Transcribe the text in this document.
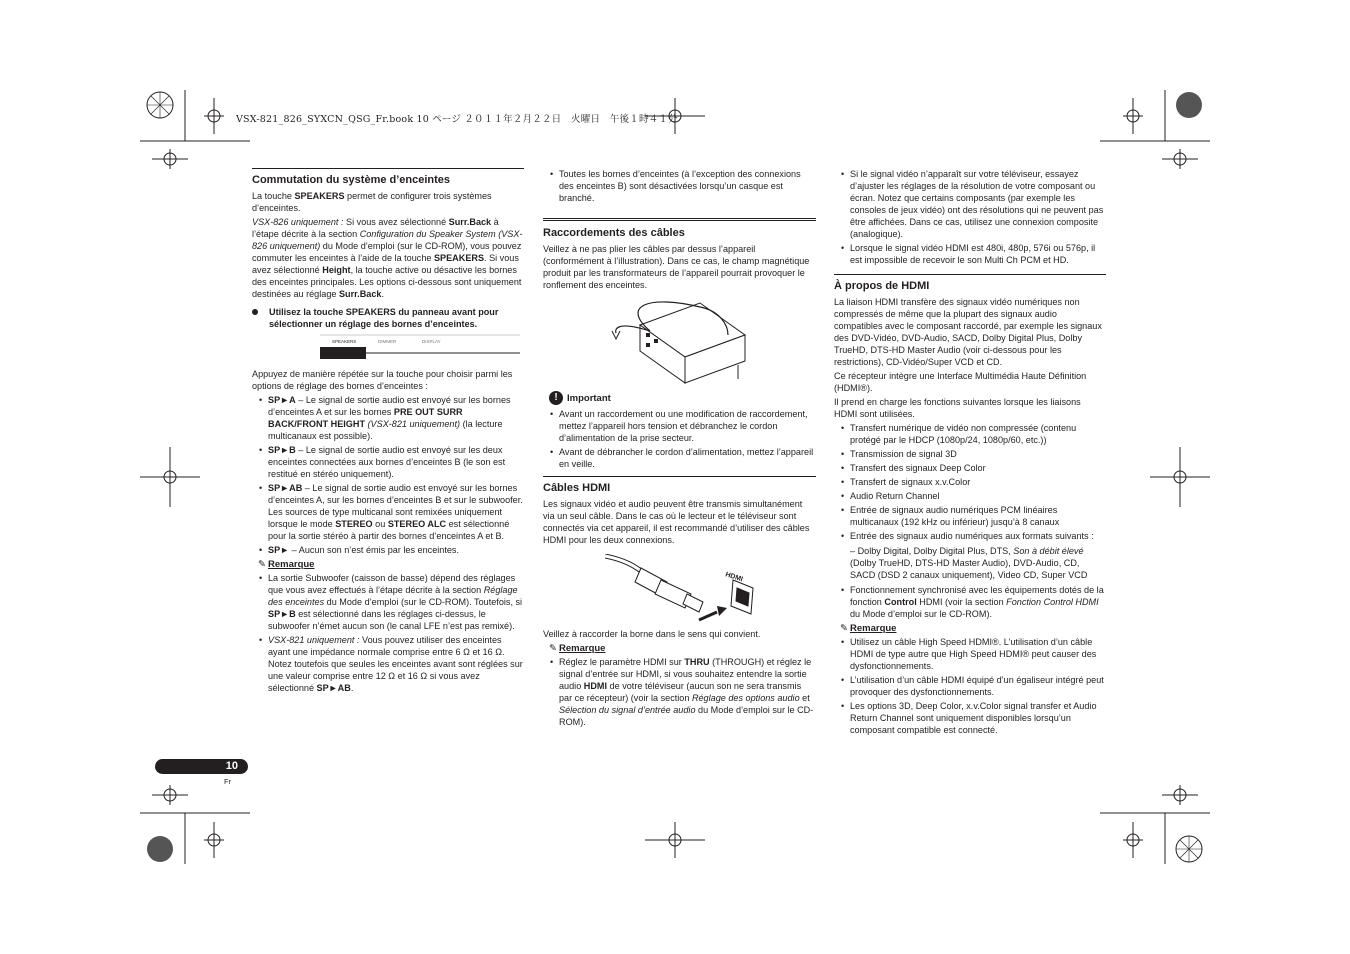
VSX-821_826_SYXCN_QSG_Fr.book 10 ページ ２０１１年２月２２日　火曜日　午後１時４１分
Commutation du système d’enceintes

La touche SPEAKERS permet de configurer trois systèmes d’enceintes.

VSX-826 uniquement : Si vous avez sélectionné Surr.Back à l’étape décrite à la section Configuration du Speaker System (VSX-826 uniquement) du Mode d’emploi (sur le CD-ROM), vous pouvez commuter les enceintes à l’aide de la touche SPEAKERS. Si vous avez sélectionné Height, la touche active ou désactive les bornes des enceintes principales. Les options ci-dessous sont uniquement destinées au réglage Surr.Back.

Utilisez la touche SPEAKERS du panneau avant pour sélectionner un réglage des bornes d’enceintes.
SPEAKERS	DIMMER	DISPLAY

Appuyez de manière répétée sur la touche pour choisir parmi les options de réglage des bornes d’enceintes :

• SP►A – Le signal de sortie audio est envoyé sur les bornes d’enceintes A et sur les bornes PRE OUT SURR BACK/FRONT HEIGHT (VSX-821 uniquement) (la lecture multicanaux est possible).
• SP►B – Le signal de sortie audio est envoyé sur les deux enceintes connectées aux bornes d’enceintes B (le son est restitué en stéréo uniquement).
• SP►AB – Le signal de sortie audio est envoyé sur les bornes d’enceintes A, sur les bornes d’enceintes B et sur le subwoofer. Les sources de type multicanal sont remixées uniquement lorsque le mode STEREO ou STEREO ALC est sélectionné pour la sortie stéréo à partir des bornes d’enceintes A et B.
• SP► – Aucun son n’est émis par les enceintes.
✎ Remarque
• La sortie Subwoofer (caisson de basse) dépend des réglages que vous avez effectués à l’étape décrite à la section Réglage des enceintes du Mode d’emploi (sur le CD-ROM). Toutefois, si SP►B est sélectionné dans les réglages ci-dessus, le subwoofer n’émet aucun son (le canal LFE n’est pas remixé).
• VSX-821 uniquement : Vous pouvez utiliser des enceintes ayant une impédance normale comprise entre 6 Ω et 16 Ω. Notez toutefois que seules les enceintes avant sont réglées sur une valeur comprise entre 12 Ω et 16 Ω si vous avez sélectionné SP►AB.
• Toutes les bornes d’enceintes (à l’exception des connexions des enceintes B) sont désactivées lorsqu’un casque est branché.
Raccordements des câbles

Veillez à ne pas plier les câbles par dessus l’appareil (conformément à l’illustration). Dans ce cas, le champ magnétique produit par les transformateurs de l’appareil pourrait provoquer le ronflement des enceintes.

! Important
• Avant un raccordement ou une modification de raccordement, mettez l’appareil hors tension et débranchez le cordon d’alimentation de la prise secteur.
• Avant de débrancher le cordon d’alimentation, mettez l’appareil en veille.
Câbles HDMI

Les signaux vidéo et audio peuvent être transmis simultanément via un seul câble. Dans le cas où le lecteur et le téléviseur sont connectés via cet appareil, il est recommandé d’utiliser des câbles HDMI pour les deux connexions.

HDMI

Veillez à raccorder la borne dans le sens qui convient.

✎ Remarque
• Réglez le paramètre HDMI sur THRU (THROUGH) et réglez le signal d’entrée sur HDMI, si vous souhaitez entendre la sortie audio HDMI de votre téléviseur (aucun son ne sera transmis par ce récepteur) (voir la section Réglage des options audio et Sélection du signal d’entrée audio du Mode d’emploi sur le CD-ROM).
• Si le signal vidéo n’apparaît sur votre téléviseur, essayez d’ajuster les réglages de la résolution de votre composant ou écran. Notez que certains composants (par exemple les consoles de jeux vidéo) ont des résolutions qui ne peuvent pas être affichées. Dans ce cas, utilisez une connexion composite (analogique).
• Lorsque le signal vidéo HDMI est 480i, 480p, 576i ou 576p, il est impossible de recevoir le son Multi Ch PCM et HD.
À propos de HDMI

La liaison HDMI transfère des signaux vidéo numériques non compressés de même que la plupart des signaux audio compatibles avec le composant raccordé, par exemple les signaux des DVD-Vidéo, DVD-Audio, SACD, Dolby Digital Plus, Dolby TrueHD, DTS-HD Master Audio (voir ci-dessous pour les restrictions), CD-Vidéo/Super VCD et CD.

Ce récepteur intègre une Interface Multimédia Haute Définition (HDMI®).

Il prend en charge les fonctions suivantes lorsque les liaisons HDMI sont utilisées.

• Transfert numérique de vidéo non compressée (contenu protégé par le HDCP (1080p/24, 1080p/60, etc.))
• Transmission de signal 3D
• Transfert des signaux Deep Color
• Transfert de signaux x.v.Color
• Audio Return Channel
• Entrée de signaux audio numériques PCM linéaires multicanaux (192 kHz ou inférieur) jusqu’à 8 canaux
• Entrée des signaux audio numériques aux formats suivants :

– Dolby Digital, Dolby Digital Plus, DTS, Son à débit élevé (Dolby TrueHD, DTS-HD Master Audio), DVD-Audio, CD, SACD (DSD 2 canaux uniquement), Video CD, Super VCD

• Fonctionnement synchronisé avec les équipements dotés de la fonction Control HDMI (voir la section Fonction Control HDMI du Mode d’emploi sur le CD-ROM).
✎ Remarque
• Utilisez un câble High Speed HDMI®. L’utilisation d’un câble HDMI de type autre que High Speed HDMI® peut causer des dysfonctionnements.
• L’utilisation d’un câble HDMI équipé d’un égaliseur intégré peut provoquer des dysfonctionnements.
• Les options 3D, Deep Color, x.v.Color signal transfer et Audio Return Channel sont uniquement disponibles lorsqu’un composant compatible est connecté.
10
Fr
